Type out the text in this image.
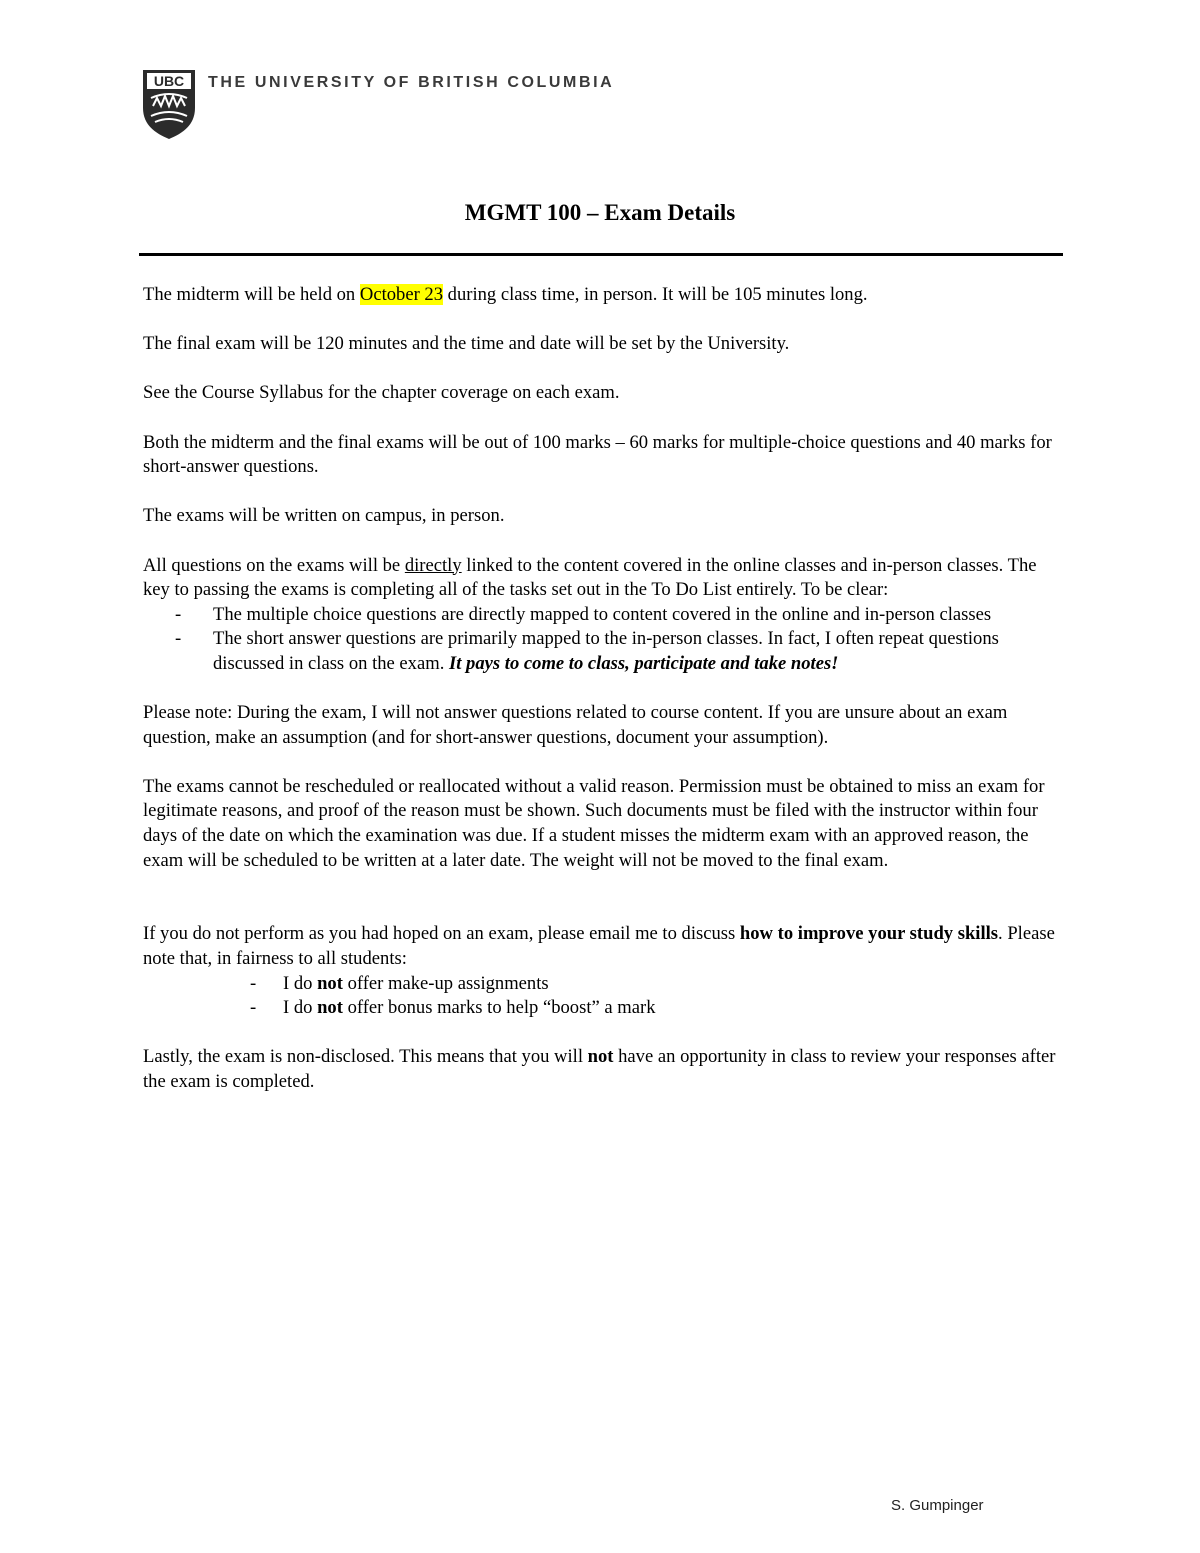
UBC THE UNIVERSITY OF BRITISH COLUMBIA
MGMT 100 – Exam Details

The midterm will be held on October 23 during class time, in person. It will be 105 minutes long.

The final exam will be 120 minutes and the time and date will be set by the University.

See the Course Syllabus for the chapter coverage on each exam.

Both the midterm and the final exams will be out of 100 marks – 60 marks for multiple-choice questions and 40 marks for short-answer questions.

The exams will be written on campus, in person.

All questions on the exams will be directly linked to the content covered in the online classes and in-person classes. The key to passing the exams is completing all of the tasks set out in the To Do List entirely. To be clear:

- The multiple choice questions are directly mapped to content covered in the online and in-person classes
- The short answer questions are primarily mapped to the in-person classes. In fact, I often repeat questions discussed in class on the exam. It pays to come to class, participate and take notes!

Please note: During the exam, I will not answer questions related to course content. If you are unsure about an exam question, make an assumption (and for short-answer questions, document your assumption).

The exams cannot be rescheduled or reallocated without a valid reason. Permission must be obtained to miss an exam for legitimate reasons, and proof of the reason must be shown. Such documents must be filed with the instructor within four days of the date on which the examination was due. If a student misses the midterm exam with an approved reason, the exam will be scheduled to be written at a later date. The weight will not be moved to the final exam.

If you do not perform as you had hoped on an exam, please email me to discuss how to improve your study skills. Please note that, in fairness to all students:

- I do not offer make-up assignments
- I do not offer bonus marks to help “boost” a mark

Lastly, the exam is non-disclosed. This means that you will not have an opportunity in class to review your responses after the exam is completed.

S. Gumpinger
